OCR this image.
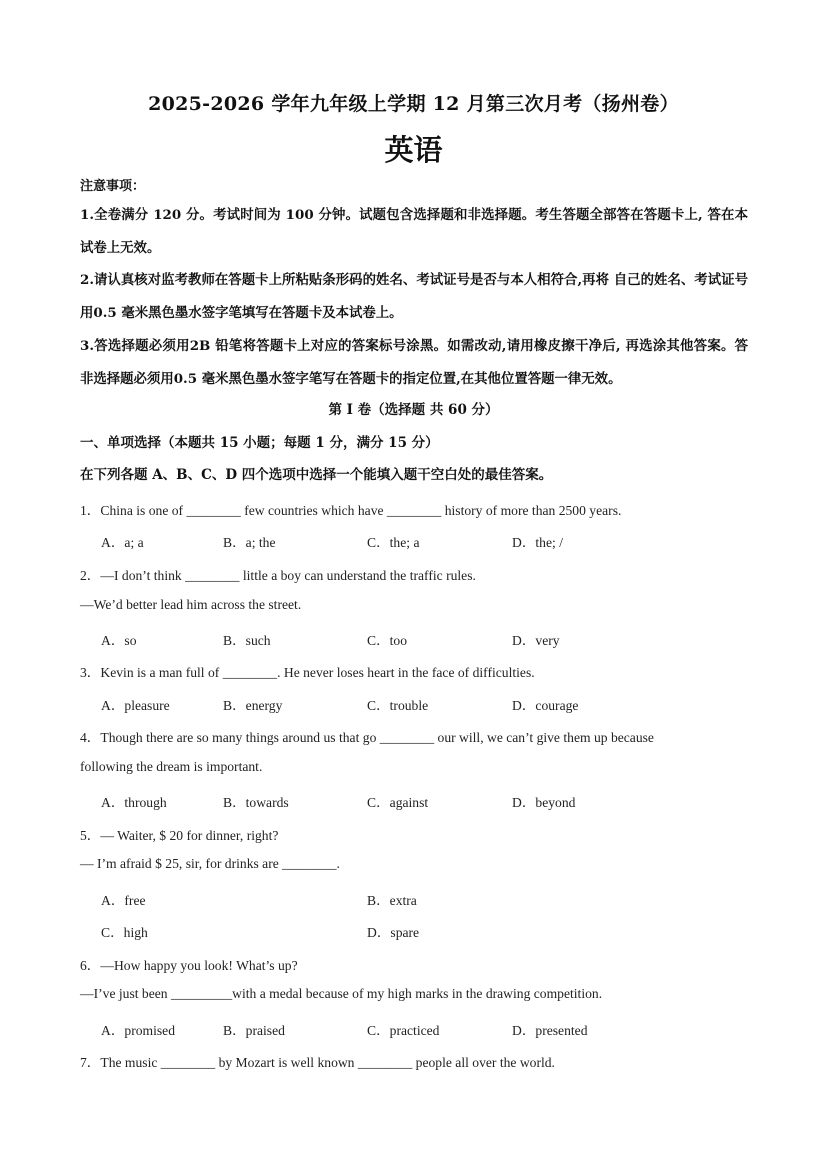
2025-2026 学年九年级上学期 12 月第三次月考（扬州卷）
英语
注意事项：

1.全卷满分 120 分。考试时间为 100 分钟。试题包含选择题和非选择题。考生答题全部答在答题卡上, 答在本试卷上无效。

2.请认真核对监考教师在答题卡上所粘贴条形码的姓名、考试证号是否与本人相符合,再将 自己的姓名、考试证号用0.5 毫米黑色墨水签字笔填写在答题卡及本试卷上。

3.答选择题必须用2B 铅笔将答题卡上对应的答案标号涂黑。如需改动,请用橡皮擦干净后, 再选涂其他答案。答非选择题必须用0.5 毫米黑色墨水签字笔写在答题卡的指定位置,在其他位置答题一律无效。

第 I 卷（选择题 共 60 分）
一、单项选择（本题共 15 小题；每题 1 分，满分 15 分）
在下列各题 A、B、C、D 四个选项中选择一个能填入题干空白处的最佳答案。
1．China is one of ________ few countries which have ________ history of more than 2500 years.
A．a; a	B．a; the	C．the; a	D．the; /
2．—I don’t think ________ little a boy can understand the traffic rules.
—We’d better lead him across the street.
A．so	B．such	C．too	D．very
3．Kevin is a man full of ________. He never loses heart in the face of difficulties.
A．pleasure	B．energy	C．trouble	D．courage
4．Though there are so many things around us that go ________ our will, we can’t give them up because
following the dream is important.
A．through	B．towards	C．against	D．beyond
5．— Waiter, $ 20 for dinner, right?
— I’m afraid $ 25, sir, for drinks are ________.
A．free	B．extra
C．high	D．spare
6．—How happy you look! What’s up?
—I’ve just been _________with a medal because of my high marks in the drawing competition.
A．promised	B．praised	C．practiced	D．presented
7．The music ________ by Mozart is well known ________ people all over the world.
